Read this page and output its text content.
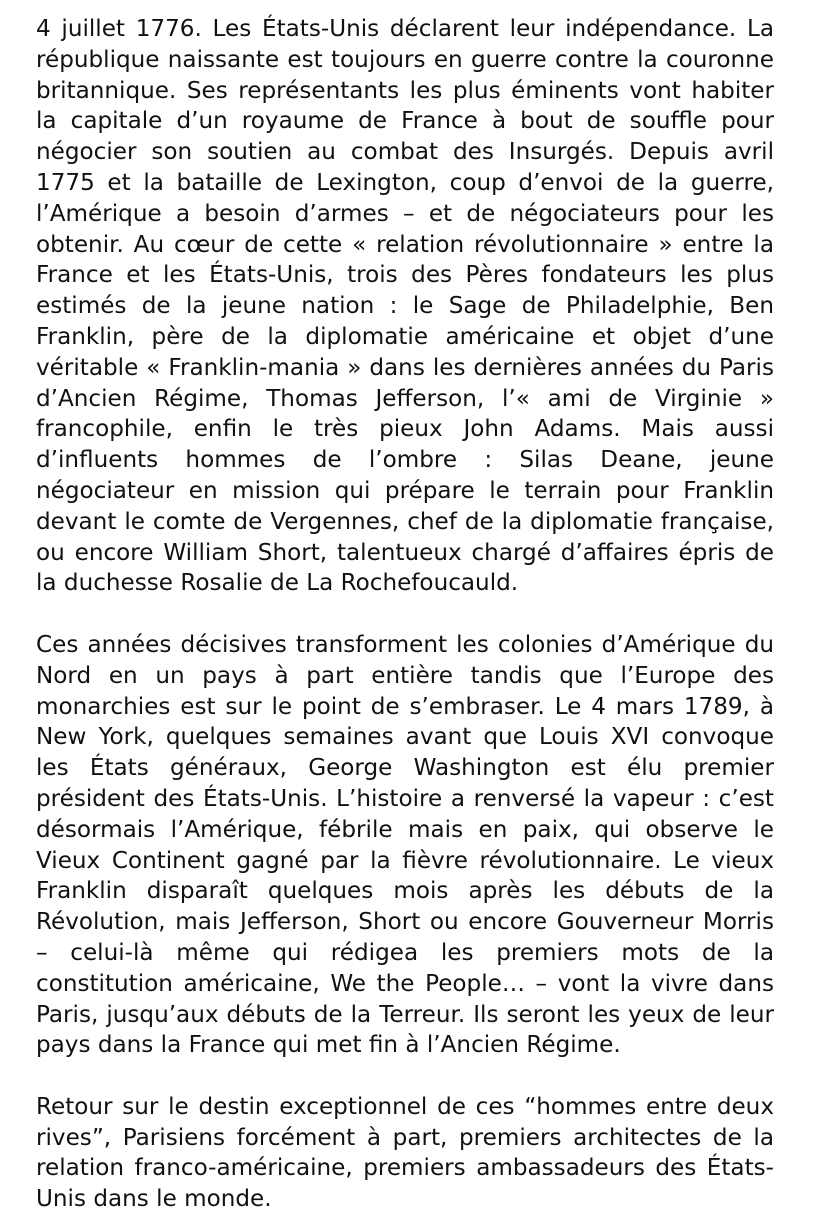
4 juillet 1776. Les États-Unis déclarent leur indépendance. La république naissante est toujours en guerre contre la couronne britannique. Ses représentants les plus éminents vont habiter la capitale d’un royaume de France à bout de souffle pour négocier son soutien au combat des Insurgés. Depuis avril 1775 et la bataille de Lexington, coup d’envoi de la guerre, l’Amérique a besoin d’armes – et de négociateurs pour les obtenir. Au cœur de cette « relation révolutionnaire » entre la France et les États-Unis, trois des Pères fondateurs les plus estimés de la jeune nation : le Sage de Philadelphie, Ben Franklin, père de la diplomatie américaine et objet d’une véritable « Franklin-mania » dans les dernières années du Paris d’Ancien Régime, Thomas Jefferson, l’« ami de Virginie » francophile, enfin le très pieux John Adams. Mais aussi d’influents hommes de l’ombre : Silas Deane, jeune négociateur en mission qui prépare le terrain pour Franklin devant le comte de Vergennes, chef de la diplomatie française, ou encore William Short, talentueux chargé d’affaires épris de la duchesse Rosalie de La Rochefoucauld.

Ces années décisives transforment les colonies d’Amérique du Nord en un pays à part entière tandis que l’Europe des monarchies est sur le point de s’embraser. Le 4 mars 1789, à New York, quelques semaines avant que Louis XVI convoque les États généraux, George Washington est élu premier président des États-Unis. L’histoire a renversé la vapeur : c’est désormais l’Amérique, fébrile mais en paix, qui observe le Vieux Continent gagné par la fièvre révolutionnaire. Le vieux Franklin disparaît quelques mois après les débuts de la Révolution, mais Jefferson, Short ou encore Gouverneur Morris – celui-là même qui rédigea les premiers mots de la constitution américaine, We the People… – vont la vivre dans Paris, jusqu’aux débuts de la Terreur. Ils seront les yeux de leur pays dans la France qui met fin à l’Ancien Régime.

Retour sur le destin exceptionnel de ces “hommes entre deux rives”, Parisiens forcément à part, premiers architectes de la relation franco-américaine, premiers ambassadeurs des États-Unis dans le monde.
